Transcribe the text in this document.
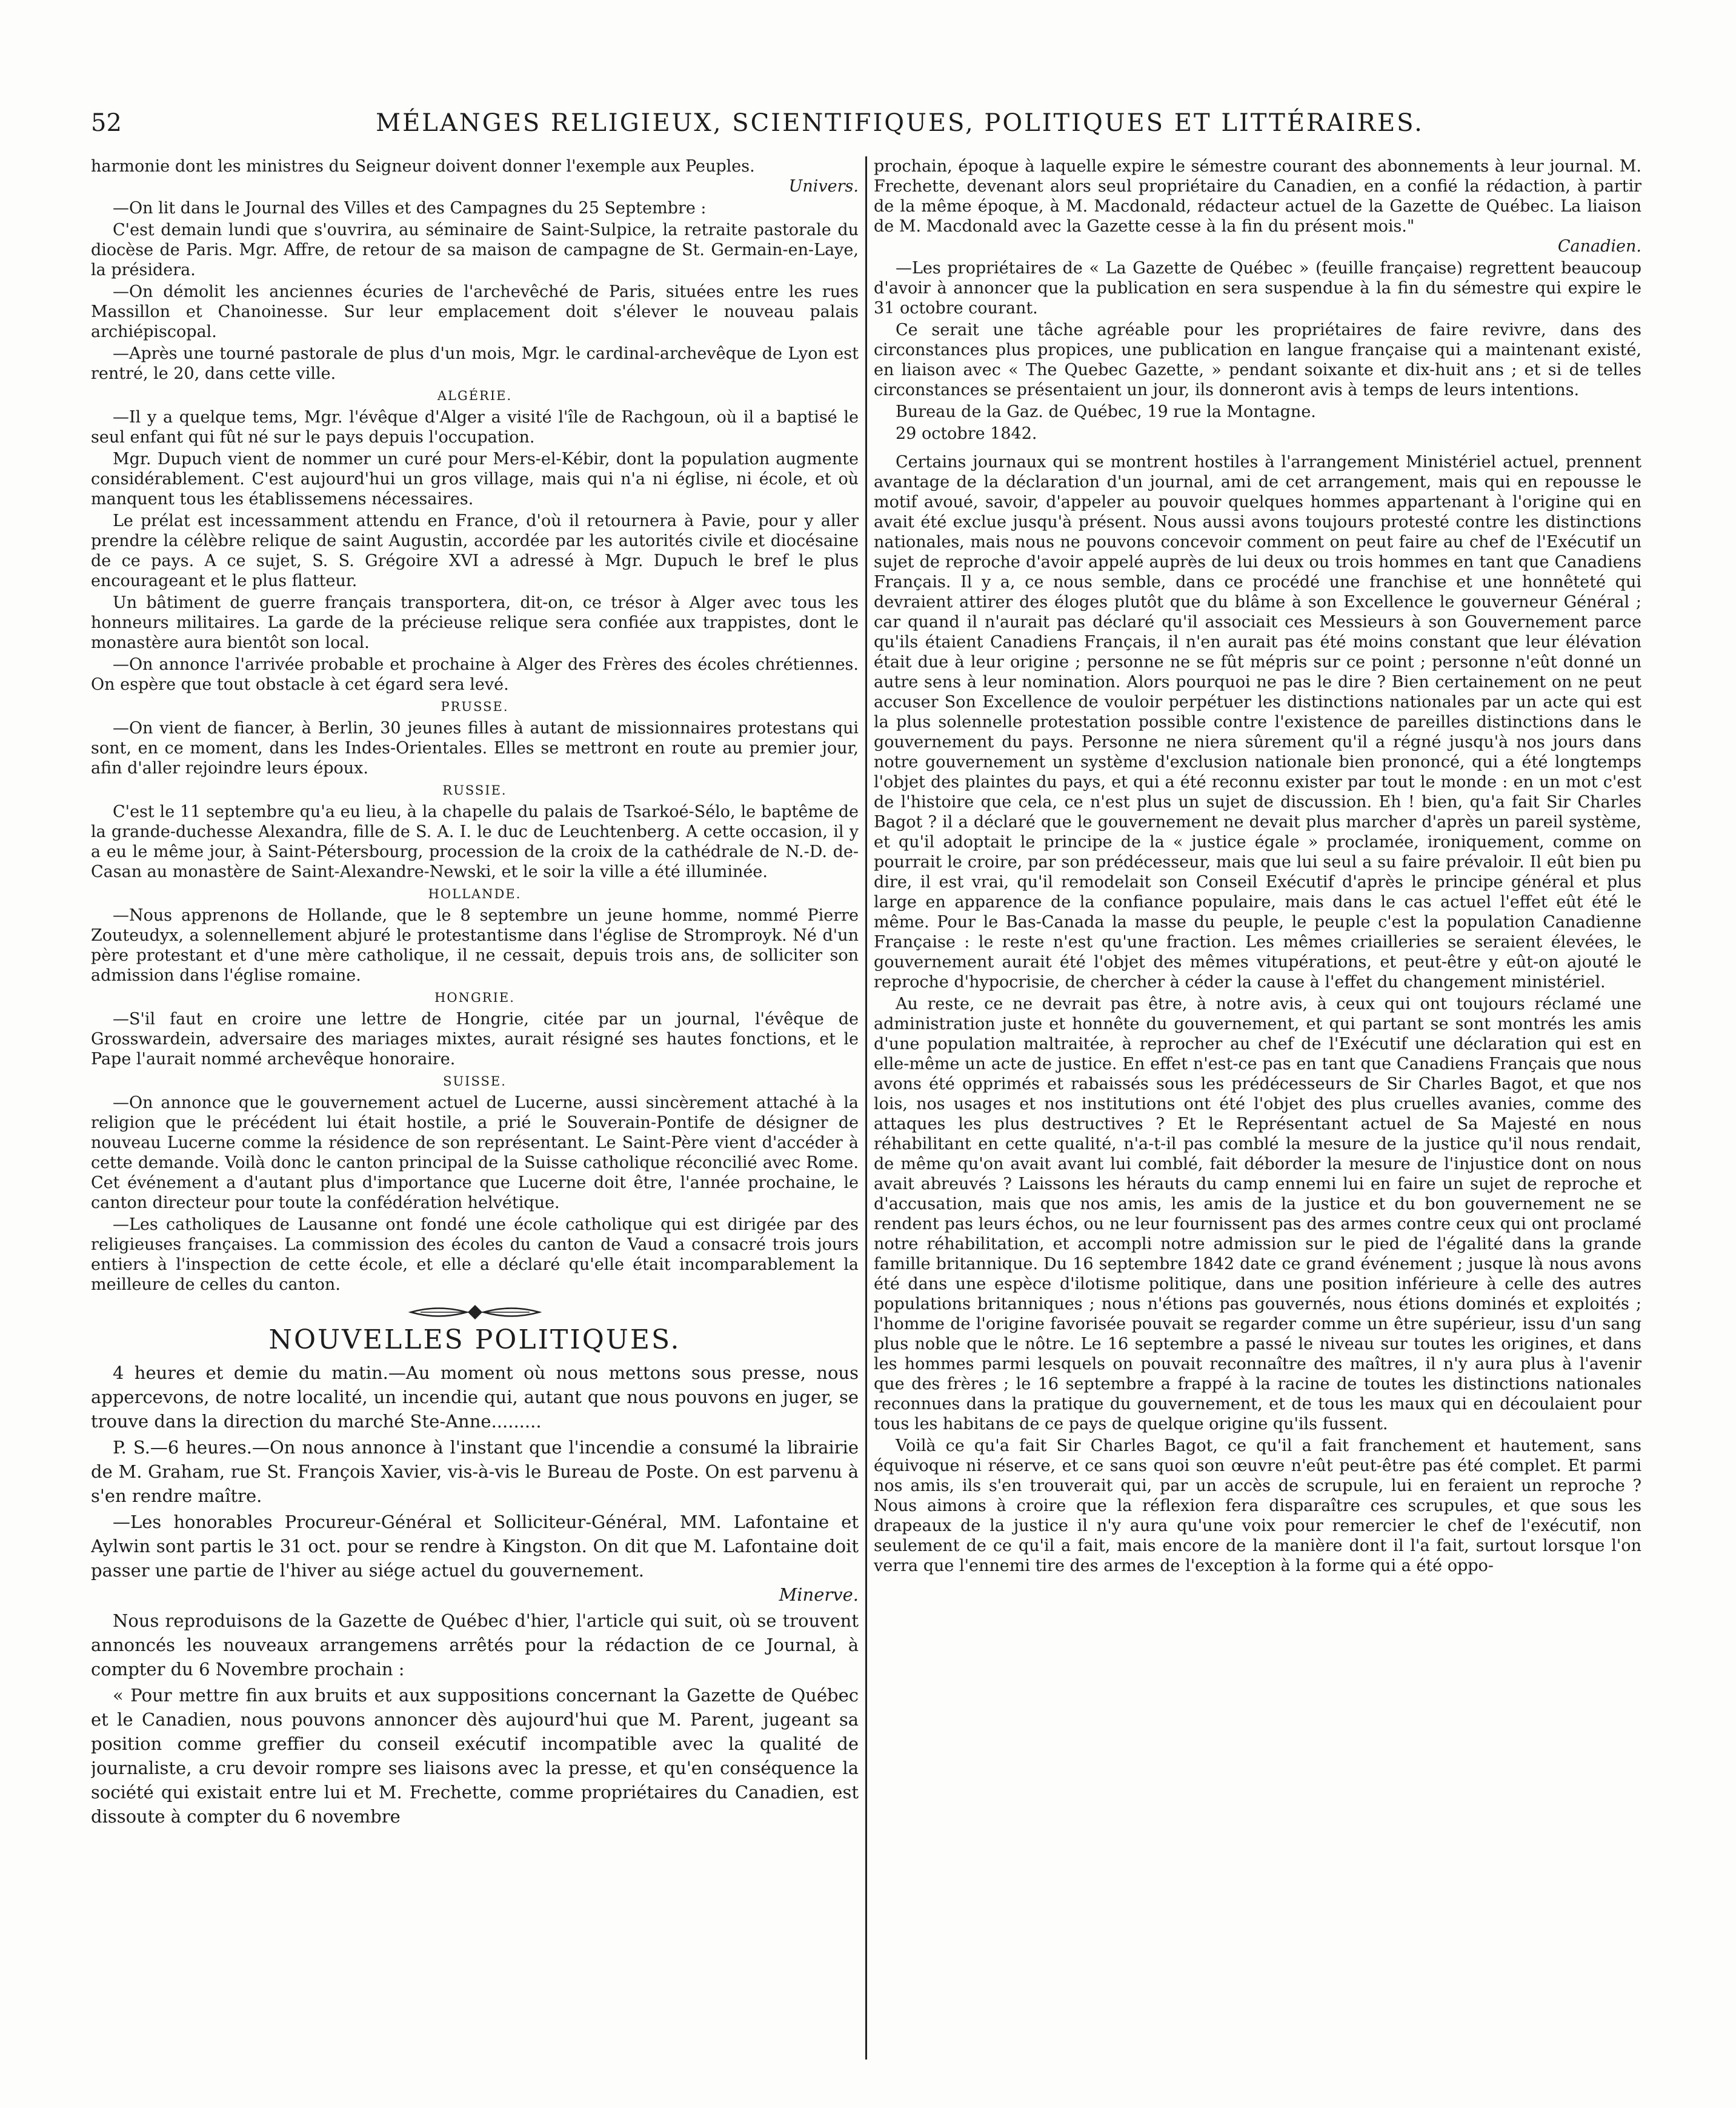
52	MÉLANGES RELIGIEUX, SCIENTIFIQUES, POLITIQUES ET LITTÉRAIRES.

harmonie dont les ministres du Seigneur doivent donner l'exemple aux Peuples.
Univers.

—On lit dans le Journal des Villes et des Campagnes du 25 Septembre :

C'est demain lundi que s'ouvrira, au séminaire de Saint-Sulpice, la retraite pastorale du diocèse de Paris. Mgr. Affre, de retour de sa maison de campagne de St. Germain-en-Laye, la présidera.

—On démolit les anciennes écuries de l'archevêché de Paris, situées entre les rues Massillon et Chanoinesse. Sur leur emplacement doit s'élever le nouveau palais archiépiscopal.

—Après une tourné pastorale de plus d'un mois, Mgr. le cardinal-archevêque de Lyon est rentré, le 20, dans cette ville.

ALGÉRIE.

—Il y a quelque tems, Mgr. l'évêque d'Alger a visité l'île de Rachgoun, où il a baptisé le seul enfant qui fût né sur le pays depuis l'occupation.

Mgr. Dupuch vient de nommer un curé pour Mers-el-Kébir, dont la population augmente considérablement. C'est aujourd'hui un gros village, mais qui n'a ni église, ni école, et où manquent tous les établissemens nécessaires.

Le prélat est incessamment attendu en France, d'où il retournera à Pavie, pour y aller prendre la célèbre relique de saint Augustin, accordée par les autorités civile et diocésaine de ce pays. A ce sujet, S. S. Grégoire XVI a adressé à Mgr. Dupuch le bref le plus encourageant et le plus flatteur.

Un bâtiment de guerre français transportera, dit-on, ce trésor à Alger avec tous les honneurs militaires. La garde de la précieuse relique sera confiée aux trappistes, dont le monastère aura bientôt son local.

—On annonce l'arrivée probable et prochaine à Alger des Frères des écoles chrétiennes. On espère que tout obstacle à cet égard sera levé.

PRUSSE.

—On vient de fiancer, à Berlin, 30 jeunes filles à autant de missionnaires protestans qui sont, en ce moment, dans les Indes-Orientales. Elles se mettront en route au premier jour, afin d'aller rejoindre leurs époux.

RUSSIE.

C'est le 11 septembre qu'a eu lieu, à la chapelle du palais de Tsarkoé-Sélo, le baptême de la grande-duchesse Alexandra, fille de S. A. I. le duc de Leuchtenberg. A cette occasion, il y a eu le même jour, à Saint-Pétersbourg, procession de la croix de la cathédrale de N.-D. de-Casan au monastère de Saint-Alexandre-Newski, et le soir la ville a été illuminée.

HOLLANDE.

—Nous apprenons de Hollande, que le 8 septembre un jeune homme, nommé Pierre Zouteudyx, a solennellement abjuré le protestantisme dans l'église de Stromproyk. Né d'un père protestant et d'une mère catholique, il ne cessait, depuis trois ans, de solliciter son admission dans l'église romaine.

HONGRIE.

—S'il faut en croire une lettre de Hongrie, citée par un journal, l'évêque de Grosswardein, adversaire des mariages mixtes, aurait résigné ses hautes fonctions, et le Pape l'aurait nommé archevêque honoraire.

SUISSE.

—On annonce que le gouvernement actuel de Lucerne, aussi sincèrement attaché à la religion que le précédent lui était hostile, a prié le Souverain-Pontife de désigner de nouveau Lucerne comme la résidence de son représentant. Le Saint-Père vient d'accéder à cette demande. Voilà donc le canton principal de la Suisse catholique réconcilié avec Rome. Cet événement a d'autant plus d'importance que Lucerne doit être, l'année prochaine, le canton directeur pour toute la confédération helvétique.

—Les catholiques de Lausanne ont fondé une école catholique qui est dirigée par des religieuses françaises. La commission des écoles du canton de Vaud a consacré trois jours entiers à l'inspection de cette école, et elle a déclaré qu'elle était incomparablement la meilleure de celles du canton.

NOUVELLES POLITIQUES.

4 heures et demie du matin.—Au moment où nous mettons sous presse, nous appercevons, de notre localité, un incendie qui, autant que nous pouvons en juger, se trouve dans la direction du marché Ste-Anne.........

P. S.—6 heures.—On nous annonce à l'instant que l'incendie a consumé la librairie de M. Graham, rue St. François Xavier, vis-à-vis le Bureau de Poste. On est parvenu à s'en rendre maître.

—Les honorables Procureur-Général et Solliciteur-Général, MM. Lafontaine et Aylwin sont partis le 31 oct. pour se rendre à Kingston. On dit que M. Lafontaine doit passer une partie de l'hiver au siége actuel du gouvernement.
Minerve.

Nous reproduisons de la Gazette de Québec d'hier, l'article qui suit, où se trouvent annoncés les nouveaux arrangemens arrêtés pour la rédaction de ce Journal, à compter du 6 Novembre prochain :

« Pour mettre fin aux bruits et aux suppositions concernant la Gazette de Québec et le Canadien, nous pouvons annoncer dès aujourd'hui que M. Parent, jugeant sa position comme greffier du conseil exécutif incompatible avec la qualité de journaliste, a cru devoir rompre ses liaisons avec la presse, et qu'en conséquence la société qui existait entre lui et M. Frechette, comme propriétaires du Canadien, est dissoute à compter du 6 novembre

prochain, époque à laquelle expire le sémestre courant des abonnements à leur journal. M. Frechette, devenant alors seul propriétaire du Canadien, en a confié la rédaction, à partir de la même époque, à M. Macdonald, rédacteur actuel de la Gazette de Québec. La liaison de M. Macdonald avec la Gazette cesse à la fin du présent mois."
Canadien.

—Les propriétaires de « La Gazette de Québec » (feuille française) regrettent beaucoup d'avoir à annoncer que la publication en sera suspendue à la fin du sémestre qui expire le 31 octobre courant.

Ce serait une tâche agréable pour les propriétaires de faire revivre, dans des circonstances plus propices, une publication en langue française qui a maintenant existé, en liaison avec « The Quebec Gazette, » pendant soixante et dix-huit ans ; et si de telles circonstances se présentaient un jour, ils donneront avis à temps de leurs intentions.

Bureau de la Gaz. de Québec, 19 rue la Montagne.

29 octobre 1842.

Certains journaux qui se montrent hostiles à l'arrangement Ministériel actuel, prennent avantage de la déclaration d'un journal, ami de cet arrangement, mais qui en repousse le motif avoué, savoir, d'appeler au pouvoir quelques hommes appartenant à l'origine qui en avait été exclue jusqu'à présent. Nous aussi avons toujours protesté contre les distinctions nationales, mais nous ne pouvons concevoir comment on peut faire au chef de l'Exécutif un sujet de reproche d'avoir appelé auprès de lui deux ou trois hommes en tant que Canadiens Français. Il y a, ce nous semble, dans ce procédé une franchise et une honnêteté qui devraient attirer des éloges plutôt que du blâme à son Excellence le gouverneur Général ; car quand il n'aurait pas déclaré qu'il associait ces Messieurs à son Gouvernement parce qu'ils étaient Canadiens Français, il n'en aurait pas été moins constant que leur élévation était due à leur origine ; personne ne se fût mépris sur ce point ; personne n'eût donné un autre sens à leur nomination. Alors pourquoi ne pas le dire ? Bien certainement on ne peut accuser Son Excellence de vouloir perpétuer les distinctions nationales par un acte qui est la plus solennelle protestation possible contre l'existence de pareilles distinctions dans le gouvernement du pays. Personne ne niera sûrement qu'il a régné jusqu'à nos jours dans notre gouvernement un système d'exclusion nationale bien prononcé, qui a été longtemps l'objet des plaintes du pays, et qui a été reconnu exister par tout le monde : en un mot c'est de l'histoire que cela, ce n'est plus un sujet de discussion. Eh ! bien, qu'a fait Sir Charles Bagot ? il a déclaré que le gouvernement ne devait plus marcher d'après un pareil système, et qu'il adoptait le principe de la « justice égale » proclamée, ironiquement, comme on pourrait le croire, par son prédécesseur, mais que lui seul a su faire prévaloir. Il eût bien pu dire, il est vrai, qu'il remodelait son Conseil Exécutif d'après le principe général et plus large en apparence de la confiance populaire, mais dans le cas actuel l'effet eût été le même. Pour le Bas-Canada la masse du peuple, le peuple c'est la population Canadienne Française : le reste n'est qu'une fraction. Les mêmes criailleries se seraient élevées, le gouvernement aurait été l'objet des mêmes vitupérations, et peut-être y eût-on ajouté le reproche d'hypocrisie, de chercher à céder la cause à l'effet du changement ministériel.

Au reste, ce ne devrait pas être, à notre avis, à ceux qui ont toujours réclamé une administration juste et honnête du gouvernement, et qui partant se sont montrés les amis d'une population maltraitée, à reprocher au chef de l'Exécutif une déclaration qui est en elle-même un acte de justice. En effet n'est-ce pas en tant que Canadiens Français que nous avons été opprimés et rabaissés sous les prédécesseurs de Sir Charles Bagot, et que nos lois, nos usages et nos institutions ont été l'objet des plus cruelles avanies, comme des attaques les plus destructives ? Et le Représentant actuel de Sa Majesté en nous réhabilitant en cette qualité, n'a-t-il pas comblé la mesure de la justice qu'il nous rendait, de même qu'on avait avant lui comblé, fait déborder la mesure de l'injustice dont on nous avait abreuvés ? Laissons les hérauts du camp ennemi lui en faire un sujet de reproche et d'accusation, mais que nos amis, les amis de la justice et du bon gouvernement ne se rendent pas leurs échos, ou ne leur fournissent pas des armes contre ceux qui ont proclamé notre réhabilitation, et accompli notre admission sur le pied de l'égalité dans la grande famille britannique. Du 16 septembre 1842 date ce grand événement ; jusque là nous avons été dans une espèce d'ilotisme politique, dans une position inférieure à celle des autres populations britanniques ; nous n'étions pas gouvernés, nous étions dominés et exploités ; l'homme de l'origine favorisée pouvait se regarder comme un être supérieur, issu d'un sang plus noble que le nôtre. Le 16 septembre a passé le niveau sur toutes les origines, et dans les hommes parmi lesquels on pouvait reconnaître des maîtres, il n'y aura plus à l'avenir que des frères ; le 16 septembre a frappé à la racine de toutes les distinctions nationales reconnues dans la pratique du gouvernement, et de tous les maux qui en découlaient pour tous les habitans de ce pays de quelque origine qu'ils fussent.

Voilà ce qu'a fait Sir Charles Bagot, ce qu'il a fait franchement et hautement, sans équivoque ni réserve, et ce sans quoi son œuvre n'eût peut-être pas été complet. Et parmi nos amis, ils s'en trouverait qui, par un accès de scrupule, lui en feraient un reproche ? Nous aimons à croire que la réflexion fera disparaître ces scrupules, et que sous les drapeaux de la justice il n'y aura qu'une voix pour remercier le chef de l'exécutif, non seulement de ce qu'il a fait, mais encore de la manière dont il l'a fait, surtout lorsque l'on verra que l'ennemi tire des armes de l'exception à la forme qui a été oppo-
